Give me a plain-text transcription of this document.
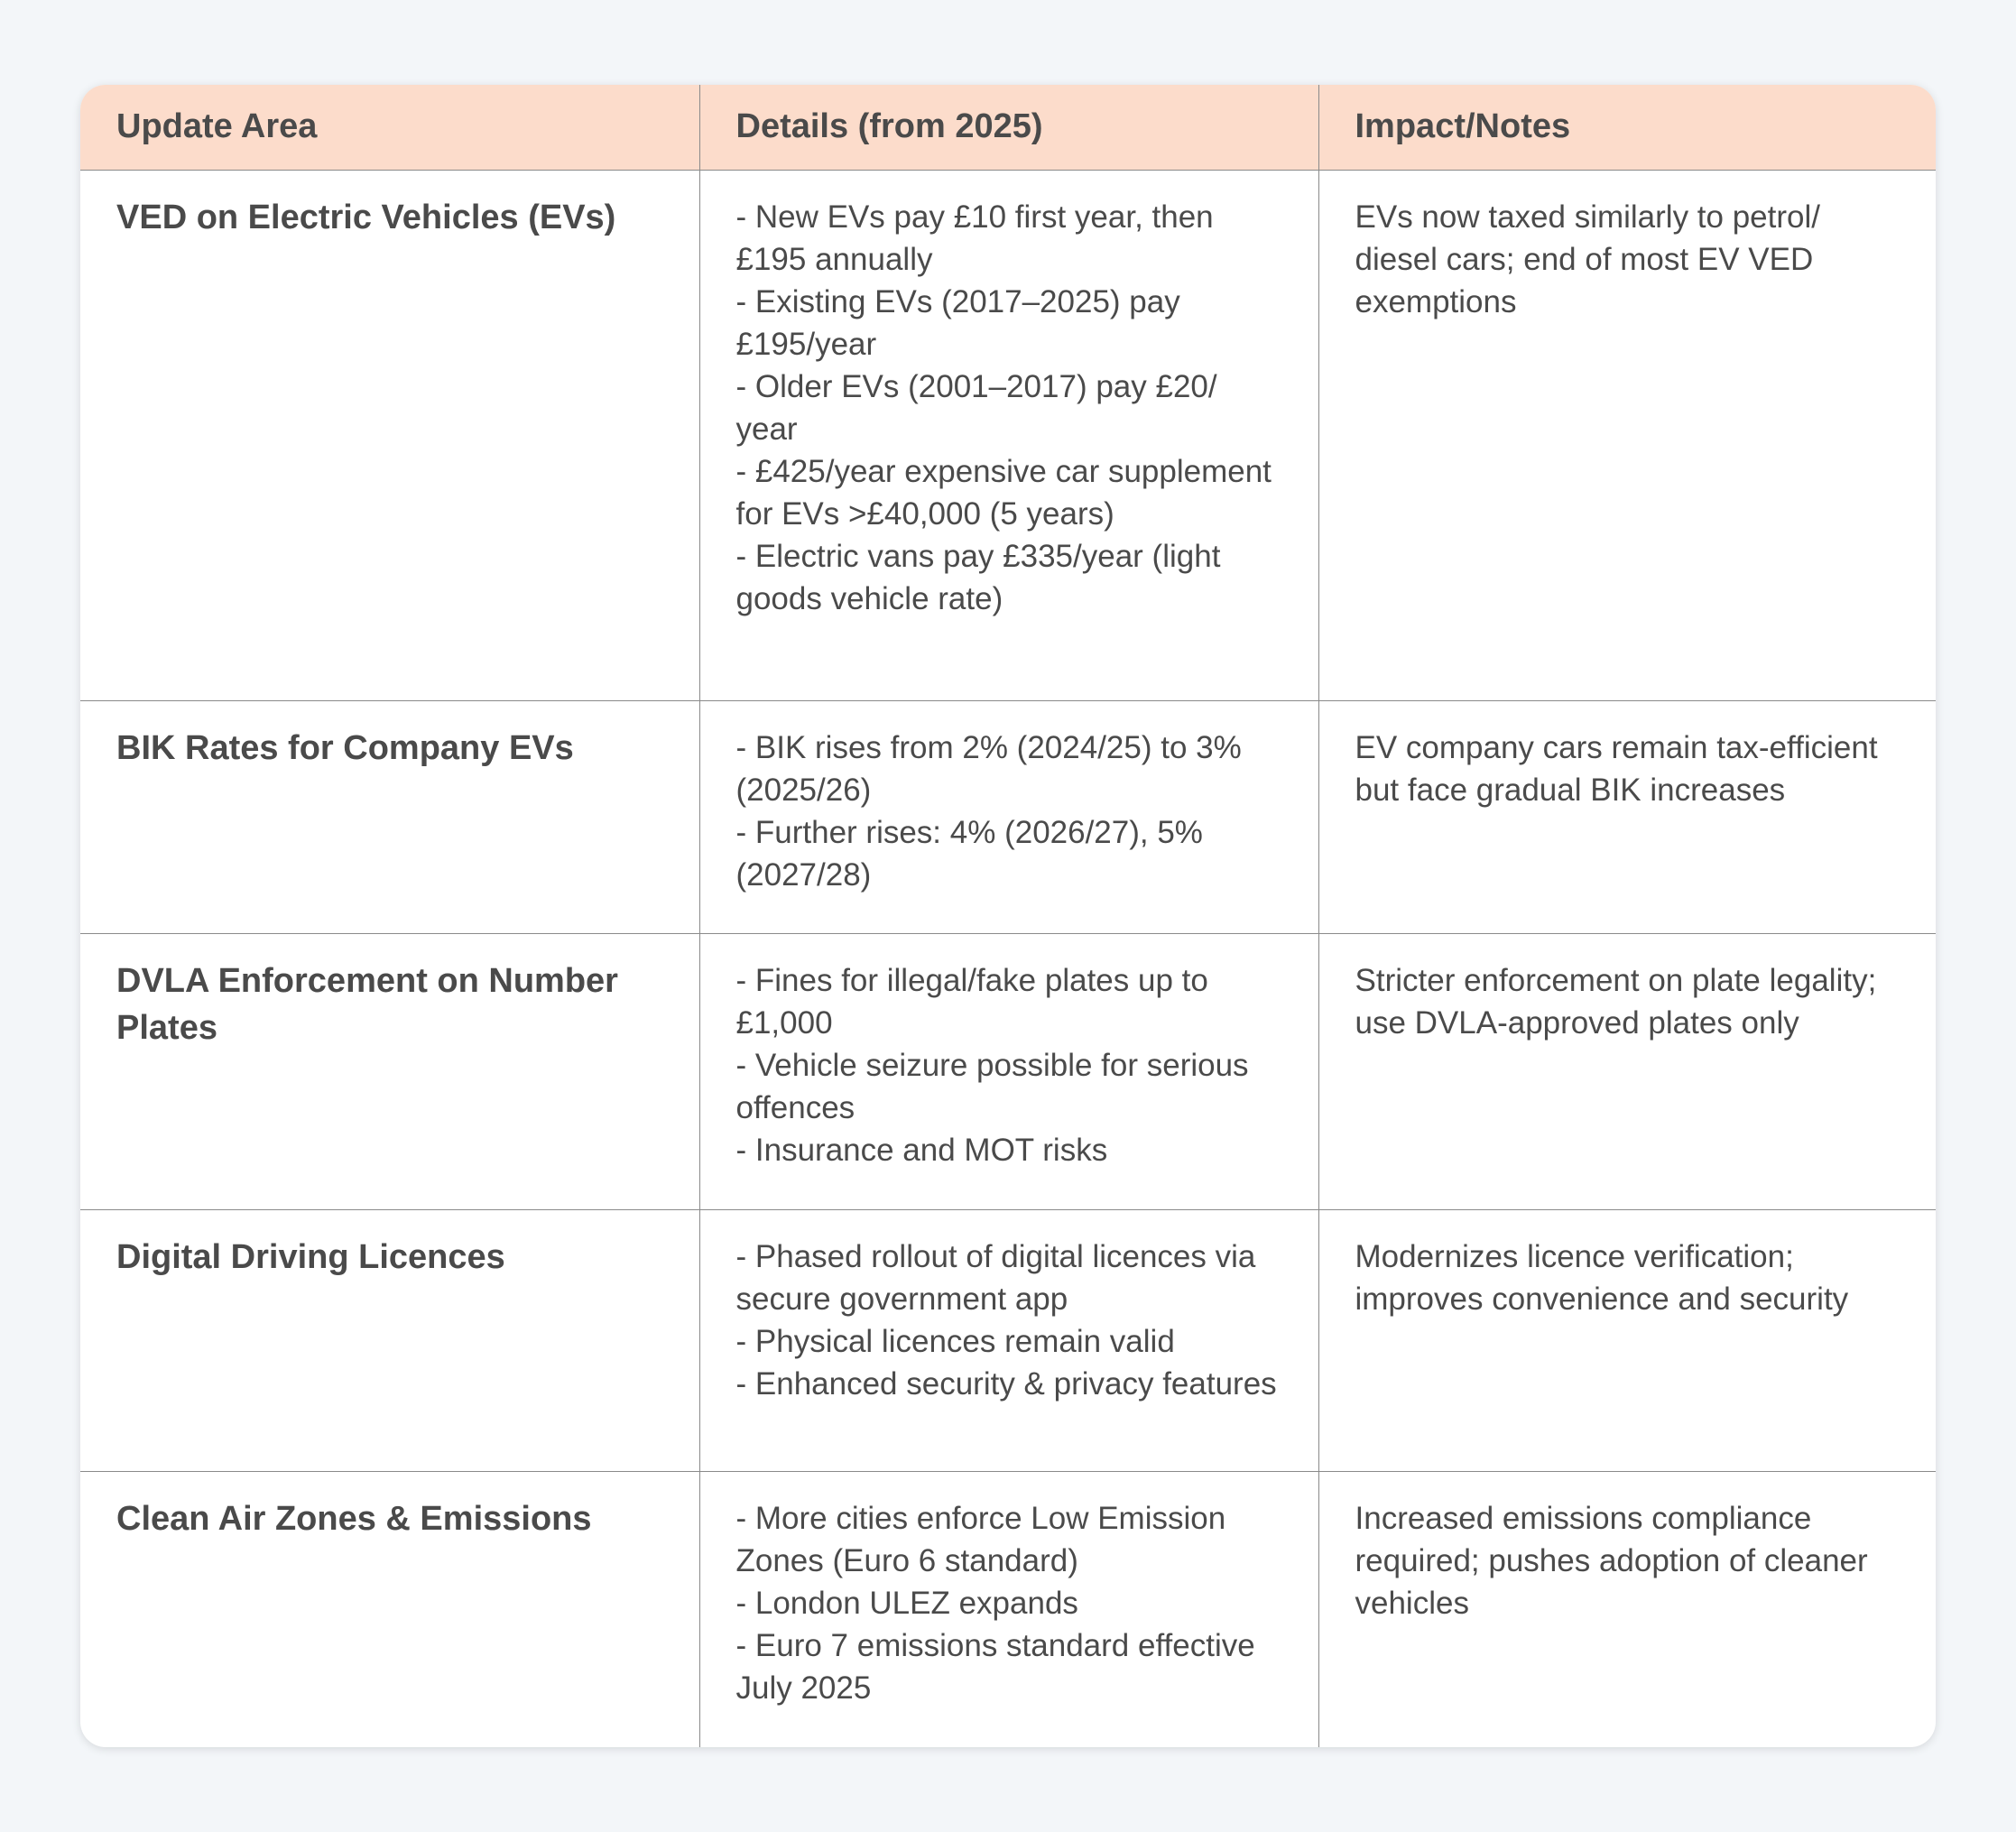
Update Area	Details (from 2025)	Impact/Notes
VED on Electric Vehicles (EVs)	- New EVs pay £10 first year, then £195 annually
- Existing EVs (2017–2025) pay £195/year
- Older EVs (2001–2017) pay £20/ year
- £425/year expensive car supplement for EVs >£40,000 (5 years)
- Electric vans pay £335/year (light goods vehicle rate)	EVs now taxed similarly to petrol/ diesel cars; end of most EV VED exemptions
BIK Rates for Company EVs	- BIK rises from 2% (2024/25) to 3% (2025/26)
- Further rises: 4% (2026/27), 5% (2027/28)	EV company cars remain tax-efficient but face gradual BIK increases
DVLA Enforcement on Number Plates	- Fines for illegal/fake plates up to £1,000
- Vehicle seizure possible for serious offences
- Insurance and MOT risks	Stricter enforcement on plate legality; use DVLA-approved plates only
Digital Driving Licences	- Phased rollout of digital licences via secure government app
- Physical licences remain valid
- Enhanced security & privacy features	Modernizes licence verification; improves convenience and security
Clean Air Zones & Emissions	- More cities enforce Low Emission Zones (Euro 6 standard)
- London ULEZ expands
- Euro 7 emissions standard effective July 2025	Increased emissions compliance required; pushes adoption of cleaner vehicles
